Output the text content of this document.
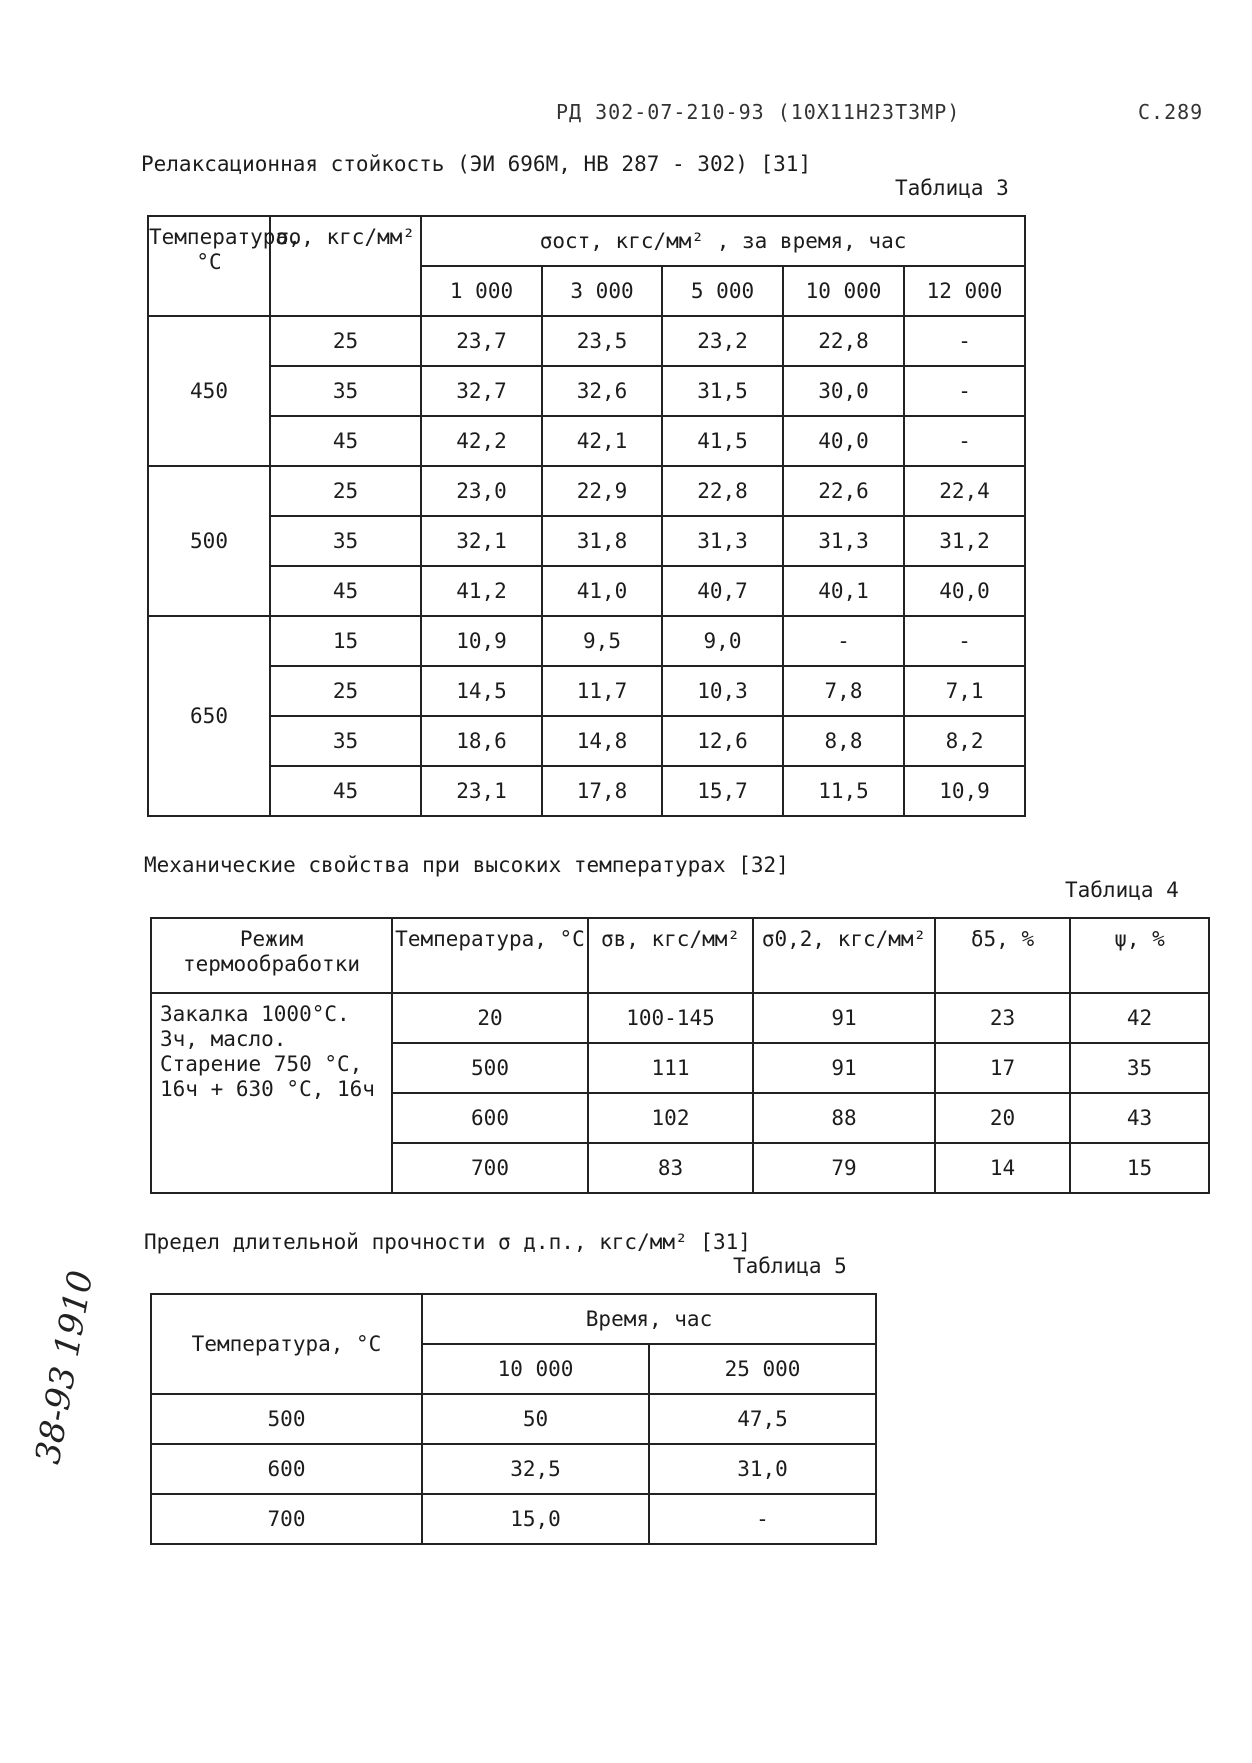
РД 302-07-210-93 (10Х11Н23Т3МР)	С.289
Релаксационная стойкость (ЭИ 696М, НВ 287 - 302) [31]
Таблица 3
Температура, °С	σо, кгс/мм²	σост, кгс/мм² , за время, час				
		1 000	3 000	5 000	10 000	12 000
450	25	23,7	23,5	23,2	22,8	-
	35	32,7	32,6	31,5	30,0	-
	45	42,2	42,1	41,5	40,0	-
500	25	23,0	22,9	22,8	22,6	22,4
	35	32,1	31,8	31,3	31,3	31,2
	45	41,2	41,0	40,7	40,1	40,0
650	15	10,9	9,5	9,0	-	-
	25	14,5	11,7	10,3	7,8	7,1
	35	18,6	14,8	12,6	8,8	8,2
	45	23,1	17,8	15,7	11,5	10,9
Механические свойства при высоких температурах [32]
Таблица 4
Режим термообработки	Температура, °С	σв, кгс/мм²	σ0,2, кгс/мм²	δ5, %	ψ, %
Закалка 1000°С. 3ч, масло. Старение 750 °С, 16ч + 630 °С, 16ч	20	100-145	91	23	42
	500	111	91	17	35
	600	102	88	20	43
	700	83	79	14	15
Предел длительной прочности σ д.п., кгс/мм² [31]
Таблица 5
Температура, °С	Время, час	
	10 000	25 000
500	50	47,5
600	32,5	31,0
700	15,0	-
38-93 1910
